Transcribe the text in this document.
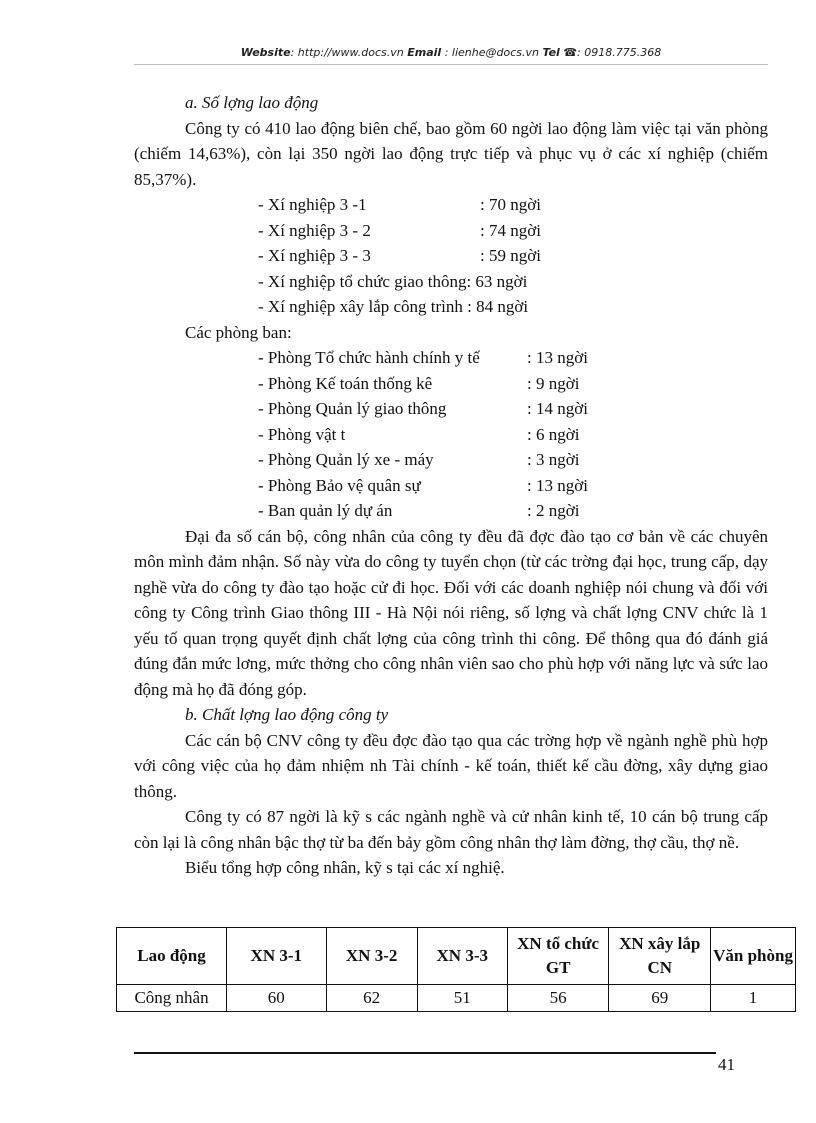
Website: http://www.docs.vn Email : lienhe@docs.vn Tel ☎: 0918.775.368

a. Số lợng lao động

Công ty có 410 lao động biên chế, bao gồm 60 ngời lao động làm việc tại văn phòng (chiếm 14,63%), còn lại 350 ngời lao động trực tiếp và phục vụ ở các xí nghiệp (chiếm 85,37%).

- Xí nghiệp 3 -1	: 70 ngời
- Xí nghiệp 3 - 2	: 74 ngời
- Xí nghiệp 3 - 3	: 59 ngời
- Xí nghiệp tổ chức giao thông: 63 ngời
- Xí nghiệp xây lắp công trình : 84 ngời

Các phòng ban:

- Phòng Tổ chức hành chính y tế	: 13 ngời
- Phòng Kế toán thống kê	: 9 ngời
- Phòng Quản lý giao thông	: 14 ngời
- Phòng vật t	: 6 ngời
- Phòng Quản lý xe - máy	: 3 ngời
- Phòng Bảo vệ quân sự	: 13 ngời
- Ban quản lý dự án	: 2 ngời

Đại đa số cán bộ, công nhân của công ty đều đã đợc đào tạo cơ bản về các chuyên môn mình đảm nhận. Số này vừa do công ty tuyển chọn (từ các trờng đại học, trung cấp, dạy nghề vừa do công ty đào tạo hoặc cử đi học. Đối với các doanh nghiệp nói chung và đối với công ty Công trình Giao thông III - Hà Nội nói riêng, số lợng và chất lợng CNV chức là 1 yếu tố quan trọng quyết định chất lợng của công trình thi công. Để thông qua đó đánh giá đúng đắn mức lơng, mức thởng cho công nhân viên sao cho phù hợp với năng lực và sức lao động mà họ đã đóng góp.

b. Chất lợng lao động công ty

Các cán bộ CNV công ty đều đợc đào tạo qua các trờng hợp về ngành nghề phù hợp với công việc của họ đảm nhiệm nh Tài chính - kế toán, thiết kế cầu đờng, xây dựng giao thông.

Công ty có 87 ngời là kỹ s các ngành nghề và cử nhân kinh tế, 10 cán bộ trung cấp còn lại là công nhân bậc thợ từ ba đến bảy gồm công nhân thợ làm đờng, thợ cầu, thợ nề.

Biểu tổng hợp công nhân, kỹ s tại các xí nghiệ.

Lao động	XN 3-1	XN 3-2	XN 3-3	XN tổ chức GT	XN xây lắp CN	Văn phòng
Công nhân	60	62	51	56	69	1
41
